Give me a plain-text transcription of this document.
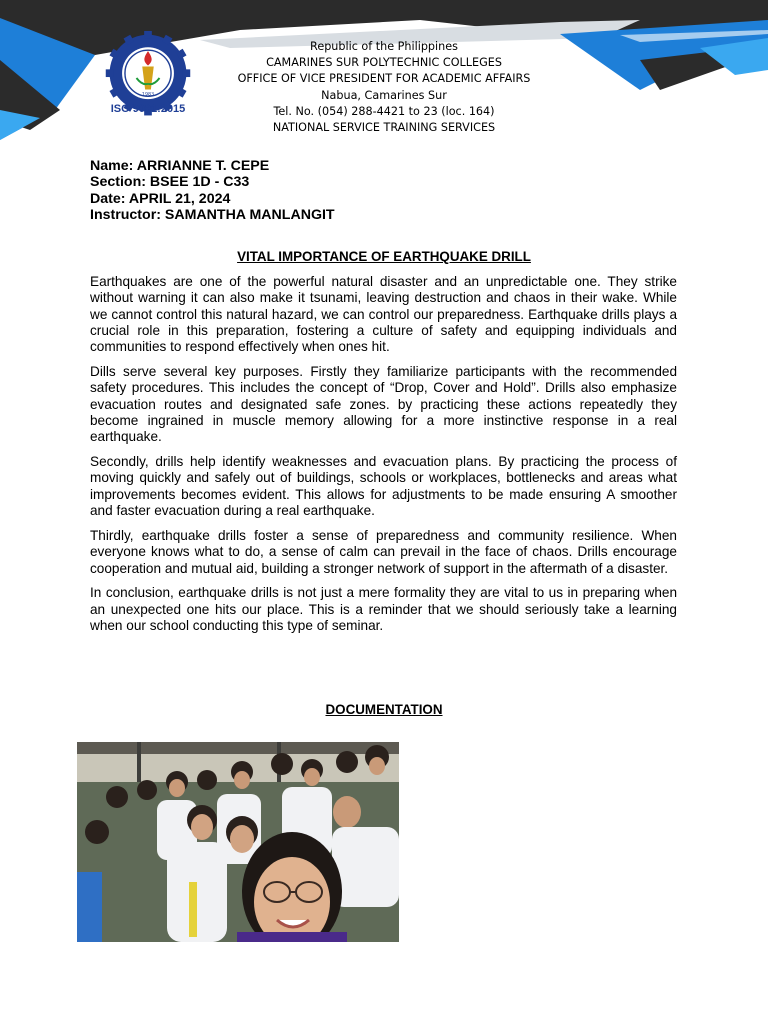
1983
ISO 9001:2015
Republic of the Philippines
CAMARINES SUR POLYTECHNIC COLLEGES
OFFICE OF VICE PRESIDENT FOR ACADEMIC AFFAIRS
Nabua, Camarines Sur
Tel. No. (054) 288-4421 to 23 (loc. 164)
NATIONAL SERVICE TRAINING SERVICES
Name: ARRIANNE T. CEPE
Section: BSEE 1D - C33
Date: APRIL 21, 2024
Instructor: SAMANTHA MANLANGIT
VITAL IMPORTANCE OF EARTHQUAKE DRILL

Earthquakes are one of the powerful natural disaster and an unpredictable one. They strike without warning it can also make it tsunami, leaving destruction and chaos in their wake. While we cannot control this natural hazard, we can control our preparedness. Earthquake drills plays a crucial role in this preparation, fostering a culture of safety and equipping individuals and communities to respond effectively when ones hit.

Dills serve several key purposes. Firstly they familiarize participants with the recommended safety procedures. This includes the concept of “Drop, Cover and Hold”. Drills also emphasize evacuation routes and designated safe zones. by practicing these actions repeatedly they become ingrained in muscle memory allowing for a more instinctive response in a real earthquake.

Secondly, drills help identify weaknesses and evacuation plans. By practicing the process of moving quickly and safely out of buildings, schools or workplaces, bottlenecks and areas what improvements becomes evident. This allows for adjustments to be made ensuring A smoother and faster evacuation during a real earthquake.

Thirdly, earthquake drills foster a sense of preparedness and community resilience. When everyone knows what to do, a sense of calm can prevail in the face of chaos. Drills encourage cooperation and mutual aid, building a stronger network of support in the aftermath of a disaster.

In conclusion, earthquake drills is not just a mere formality they are vital to us in preparing when an unexpected one hits our place. This is a reminder that we should seriously take a learning when our school conducting this type of seminar.

DOCUMENTATION
